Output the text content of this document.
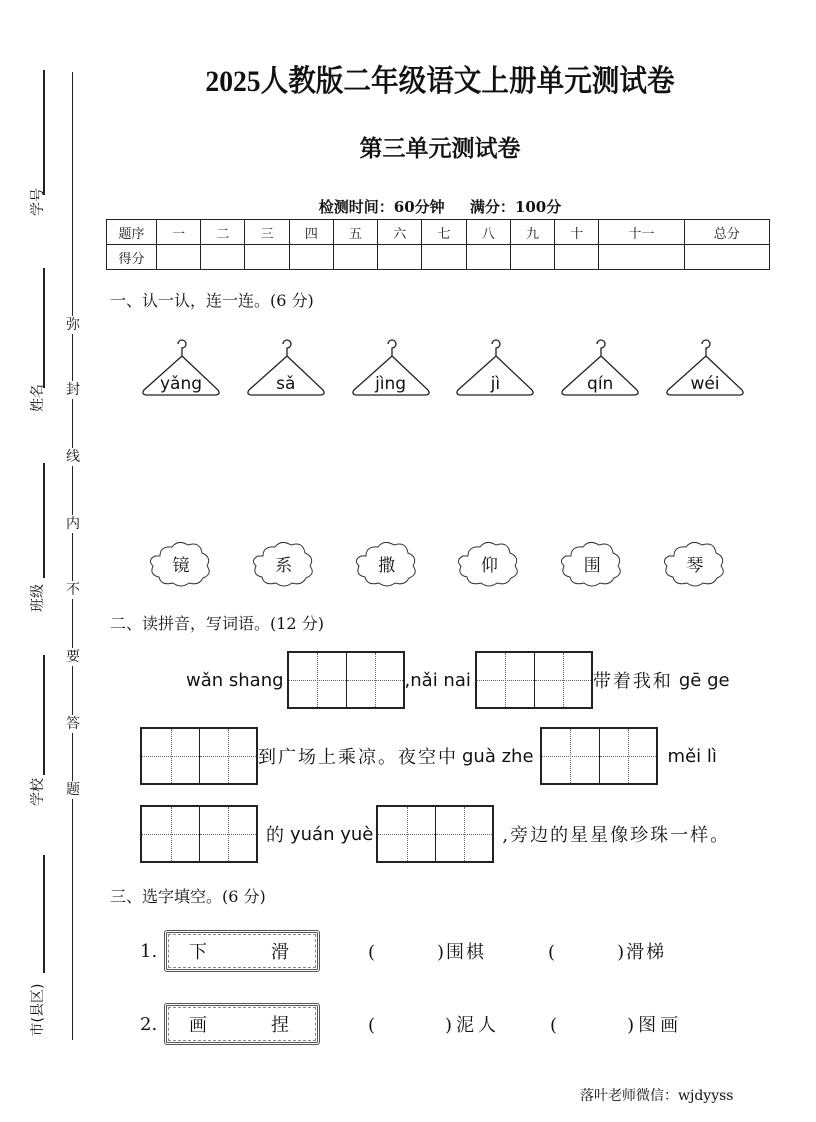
学号
姓名
班级
学校
市(县区)
弥
封
线
内
不
要
答
题
2025人教版二年级语文上册单元测试卷
第三单元测试卷
检测时间：60分钟 满分：100分
题序	一	二	三	四	五	六	七	八	九	十	十一	总分
得分												
一、认一认，连一连。(6 分)
yǎng	sǎ	jìng	jì	qín	wéi
镜	系	撒	仰	围	琴
二、读拼音，写词语。(12 分)
wǎn shang	,nǎi nai	带着我和 gē ge
到广场上乘凉。夜空中 guà zhe	měi lì
的 yuán yuè	,旁边的星星像珍珠一样。
三、选字填空。(6 分)
1.	下	滑	(　　　)围棋	(　　　)滑梯
2.	画	捏	(　　　)泥人	(　　　)图画
落叶老师微信：wjdyyss
